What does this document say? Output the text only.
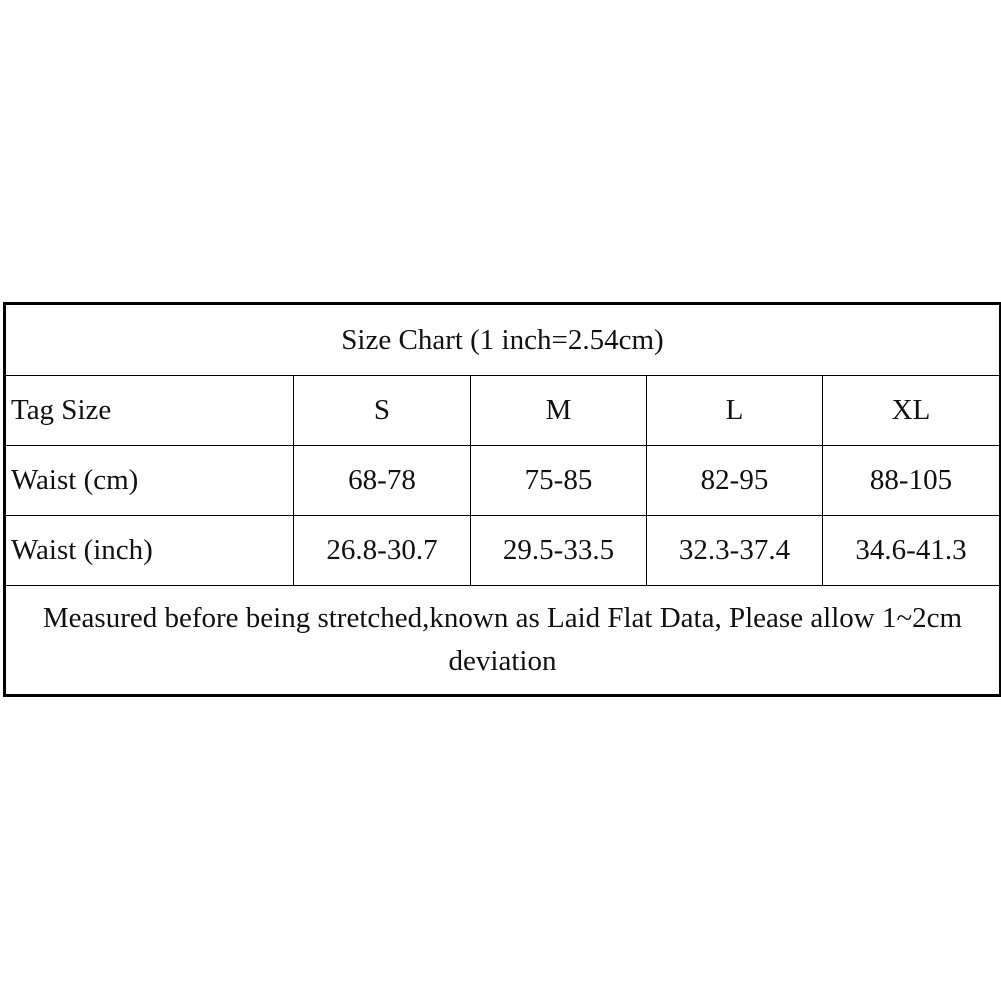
Size Chart (1 inch=2.54cm)				
Tag Size	S	M	L	XL
Waist (cm)	68-78	75-85	82-95	88-105
Waist (inch)	26.8-30.7	29.5-33.5	32.3-37.4	34.6-41.3
Measured before being stretched,known as Laid Flat Data, Please allow 1~2cm deviation				
